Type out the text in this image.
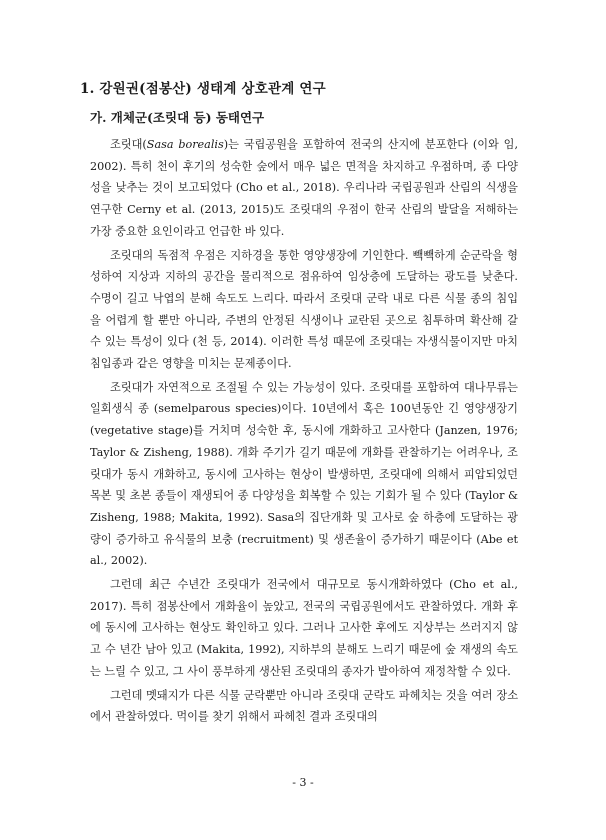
1. 강원권(점봉산) 생태계 상호관계 연구
가. 개체군(조릿대 등) 동태연구

조릿대(Sasa borealis)는 국립공원을 포함하여 전국의 산지에 분포한다 (이와 임, 2002). 특히 천이 후기의 성숙한 숲에서 매우 넓은 면적을 차지하고 우점하며, 종 다양성을 낮추는 것이 보고되었다 (Cho et al., 2018). 우리나라 국립공원과 산림의 식생을 연구한 Cerny et al. (2013, 2015)도 조릿대의 우점이 한국 산림의 발달을 저해하는 가장 중요한 요인이라고 언급한 바 있다.

조릿대의 독점적 우점은 지하경을 통한 영양생장에 기인한다. 빽빽하게 순군락을 형성하여 지상과 지하의 공간을 물리적으로 점유하여 임상층에 도달하는 광도를 낮춘다. 수명이 길고 낙엽의 분해 속도도 느리다. 따라서 조릿대 군락 내로 다른 식물 종의 침입을 어렵게 할 뿐만 아니라, 주변의 안정된 식생이나 교란된 곳으로 침투하며 확산해 갈 수 있는 특성이 있다 (천 등, 2014). 이러한 특성 때문에 조릿대는 자생식물이지만 마치 침입종과 같은 영향을 미치는 문제종이다.

조릿대가 자연적으로 조절될 수 있는 가능성이 있다. 조릿대를 포함하여 대나무류는 일회생식 종 (semelparous species)이다. 10년에서 혹은 100년동안 긴 영양생장기 (vegetative stage)를 거치며 성숙한 후, 동시에 개화하고 고사한다 (Janzen, 1976; Taylor & Zisheng, 1988). 개화 주기가 길기 때문에 개화를 관찰하기는 어려우나, 조릿대가 동시 개화하고, 동시에 고사하는 현상이 발생하면, 조릿대에 의해서 피압되었던 목본 및 초본 종들이 재생되어 종 다양성을 회복할 수 있는 기회가 될 수 있다 (Taylor & Zisheng, 1988; Makita, 1992). Sasa의 집단개화 및 고사로 숲 하층에 도달하는 광량이 증가하고 유식물의 보충 (recruitment) 및 생존율이 증가하기 때문이다 (Abe et al., 2002).

그런데 최근 수년간 조릿대가 전국에서 대규모로 동시개화하였다 (Cho et al., 2017). 특히 점봉산에서 개화율이 높았고, 전국의 국립공원에서도 관찰하였다. 개화 후에 동시에 고사하는 현상도 확인하고 있다. 그러나 고사한 후에도 지상부는 쓰러지지 않고 수 년간 남아 있고 (Makita, 1992), 지하부의 분해도 느리기 때문에 숲 재생의 속도는 느릴 수 있고, 그 사이 풍부하게 생산된 조릿대의 종자가 발아하여 재정착할 수 있다.

그런데 멧돼지가 다른 식물 군락뿐만 아니라 조릿대 군락도 파헤치는 것을 여러 장소에서 관찰하였다. 먹이를 찾기 위해서 파헤친 결과 조릿대의

- 3 -
